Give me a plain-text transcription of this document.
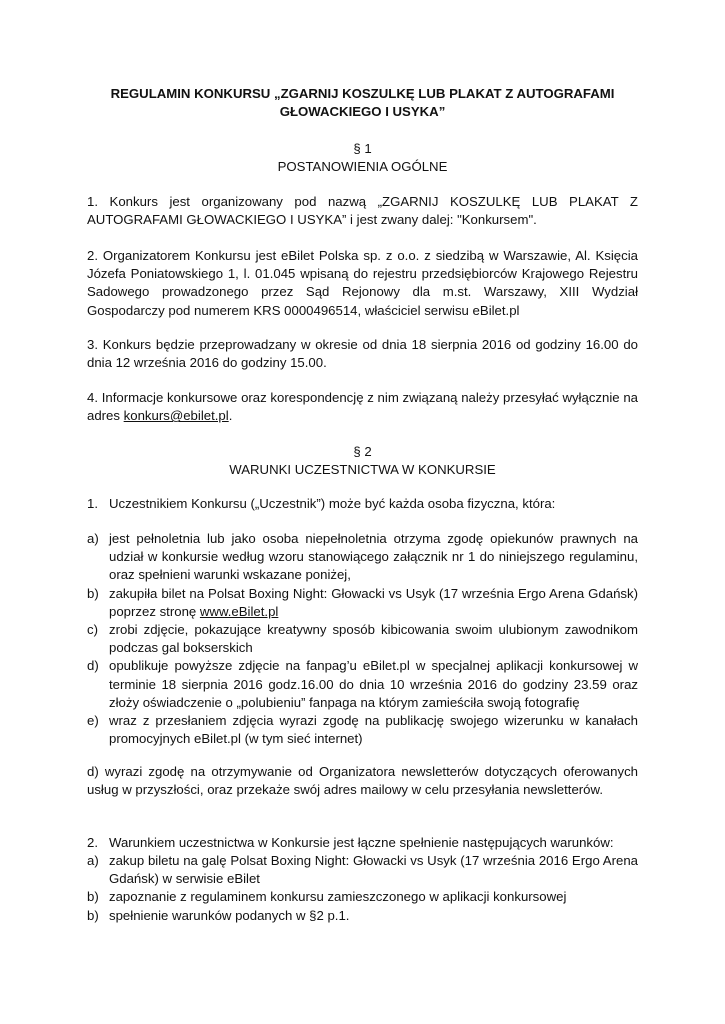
REGULAMIN KONKURSU „ZGARNIJ KOSZULKĘ LUB PLAKAT Z AUTOGRAFAMI
GŁOWACKIEGO I USYKA”
§ 1
POSTANOWIENIA OGÓLNE
1. Konkurs jest organizowany pod nazwą „ZGARNIJ KOSZULKĘ LUB PLAKAT Z AUTOGRAFAMI GŁOWACKIEGO I USYKA” i jest zwany dalej: "Konkursem".
2. Organizatorem Konkursu jest eBilet Polska sp. z o.o. z siedzibą w Warszawie, Al. Księcia Józefa Poniatowskiego 1, l. 01.045 wpisaną do rejestru przedsiębiorców Krajowego Rejestru Sadowego prowadzonego przez Sąd Rejonowy dla m.st. Warszawy, XIII Wydział Gospodarczy pod numerem KRS 0000496514, właściciel serwisu eBilet.pl
3. Konkurs będzie przeprowadzany w okresie od dnia 18 sierpnia 2016 od godziny 16.00 do dnia 12 września 2016 do godziny 15.00.
4. Informacje konkursowe oraz korespondencję z nim związaną należy przesyłać wyłącznie na adres konkurs@ebilet.pl.
§ 2
WARUNKI UCZESTNICTWA W KONKURSIE
1. Uczestnikiem Konkursu („Uczestnik”) może być każda osoba fizyczna, która:
a) jest pełnoletnia lub jako osoba niepełnoletnia otrzyma zgodę opiekunów prawnych na udział w konkursie według wzoru stanowiącego załącznik nr 1 do niniejszego regulaminu, oraz spełnieni warunki wskazane poniżej,
b) zakupiła bilet na Polsat Boxing Night: Głowacki vs Usyk (17 września Ergo Arena Gdańsk) poprzez stronę www.eBilet.pl
c) zrobi zdjęcie, pokazujące kreatywny sposób kibicowania swoim ulubionym zawodnikom podczas gal bokserskich
d) opublikuje powyższe zdjęcie na fanpag’u eBilet.pl w specjalnej aplikacji konkursowej w terminie 18 sierpnia 2016 godz.16.00 do dnia 10 września 2016 do godziny 23.59 oraz złoży oświadczenie o „polubieniu” fanpaga na którym zamieściła swoją fotografię
e) wraz z przesłaniem zdjęcia wyrazi zgodę na publikację swojego wizerunku w kanałach promocyjnych eBilet.pl (w tym sieć internet)
d) wyrazi zgodę na otrzymywanie od Organizatora newsletterów dotyczących oferowanych usług w przyszłości, oraz przekaże swój adres mailowy w celu przesyłania newsletterów.
2. Warunkiem uczestnictwa w Konkursie jest łączne spełnienie następujących warunków:
a) zakup biletu na galę Polsat Boxing Night: Głowacki vs Usyk (17 września 2016 Ergo Arena Gdańsk) w serwisie eBilet
b) zapoznanie z regulaminem konkursu zamieszczonego w aplikacji konkursowej
b) spełnienie warunków podanych w §2 p.1.
